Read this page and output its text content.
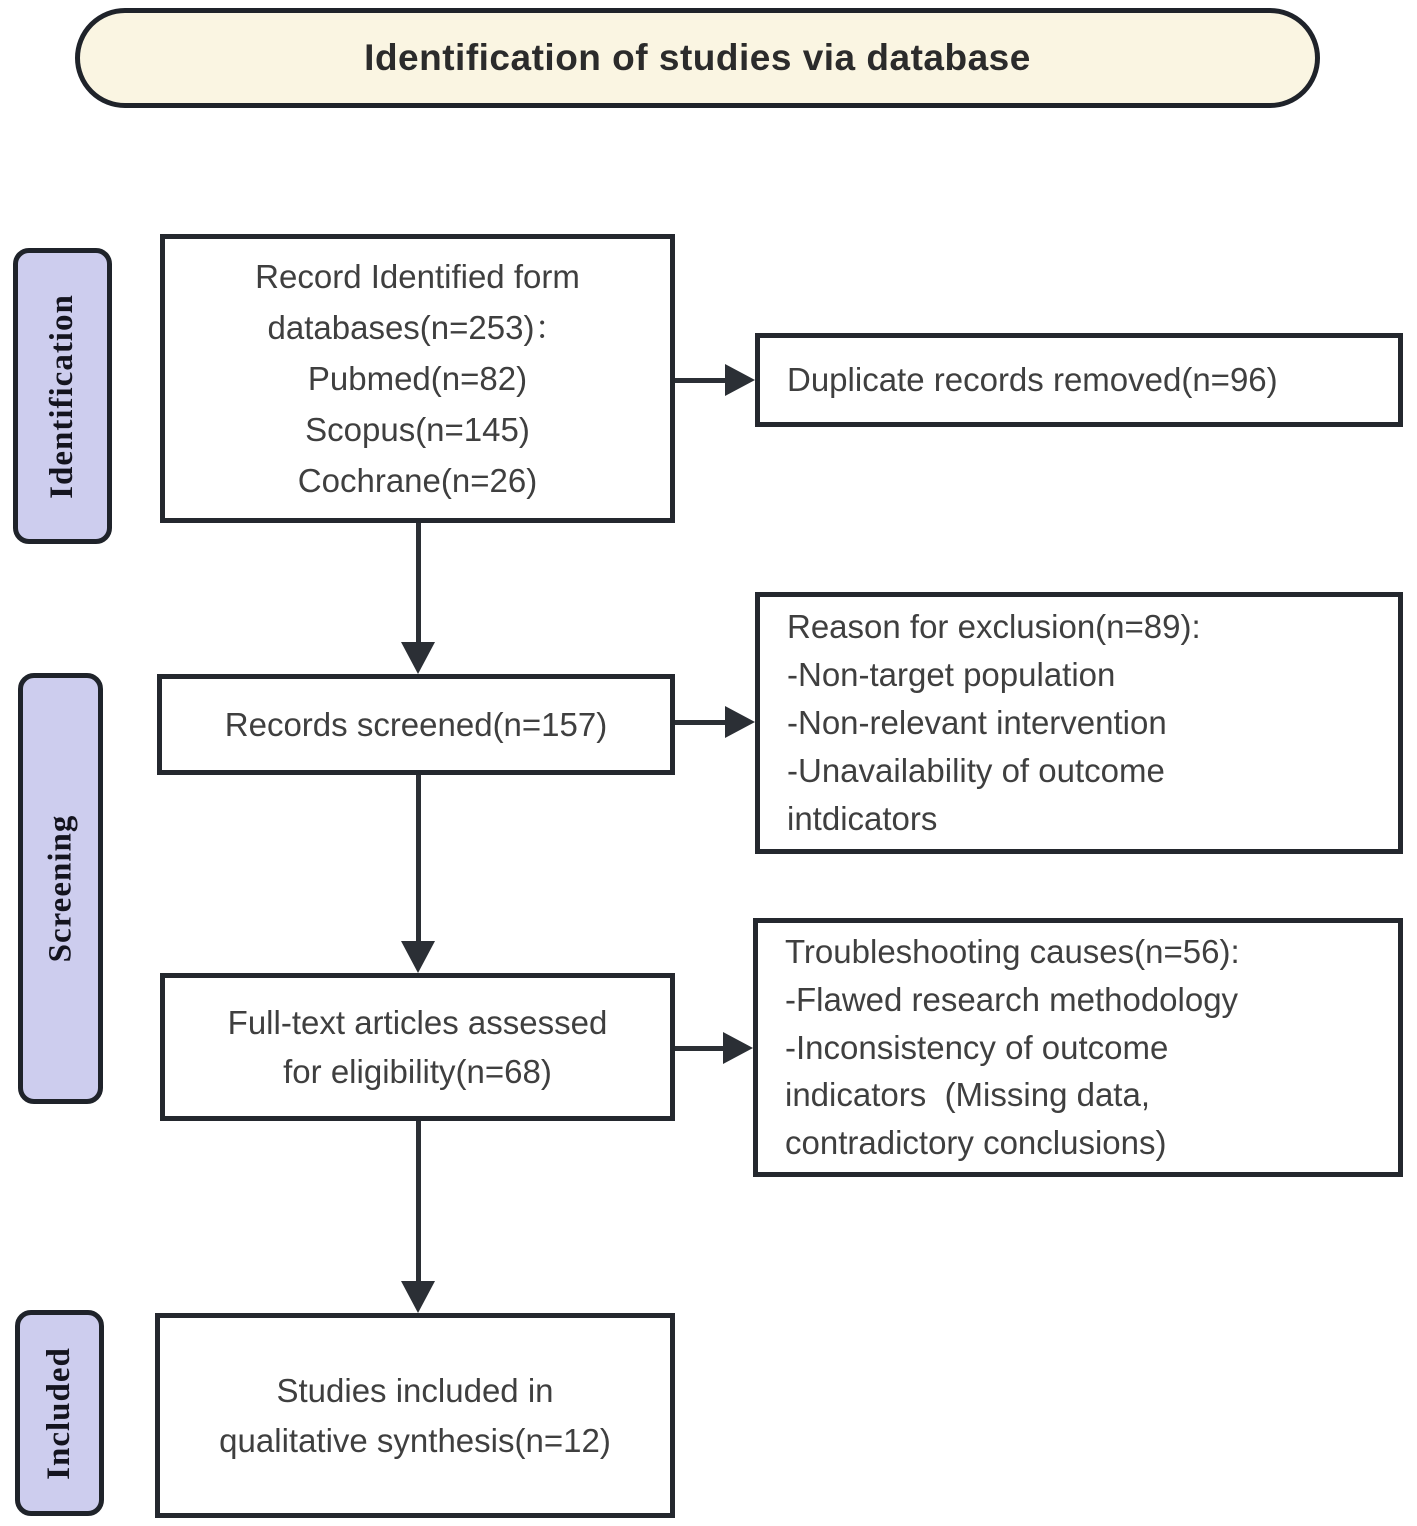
Identification of studies via database
Identification
Screening
Included
Record Identified form
databases(n=253)：
Pubmed(n=82)
Scopus(n=145)
Cochrane(n=26)
Duplicate records removed(n=96)
Records screened(n=157)
Reason for exclusion(n=89):
-Non-target population
-Non-relevant intervention
-Unavailability of outcome
intdicators
Full-text articles assessed
for eligibility(n=68)
Troubleshooting causes(n=56):
-Flawed research methodology
-Inconsistency of outcome
indicators  (Missing data,
contradictory conclusions)
Studies included in
qualitative synthesis(n=12)
